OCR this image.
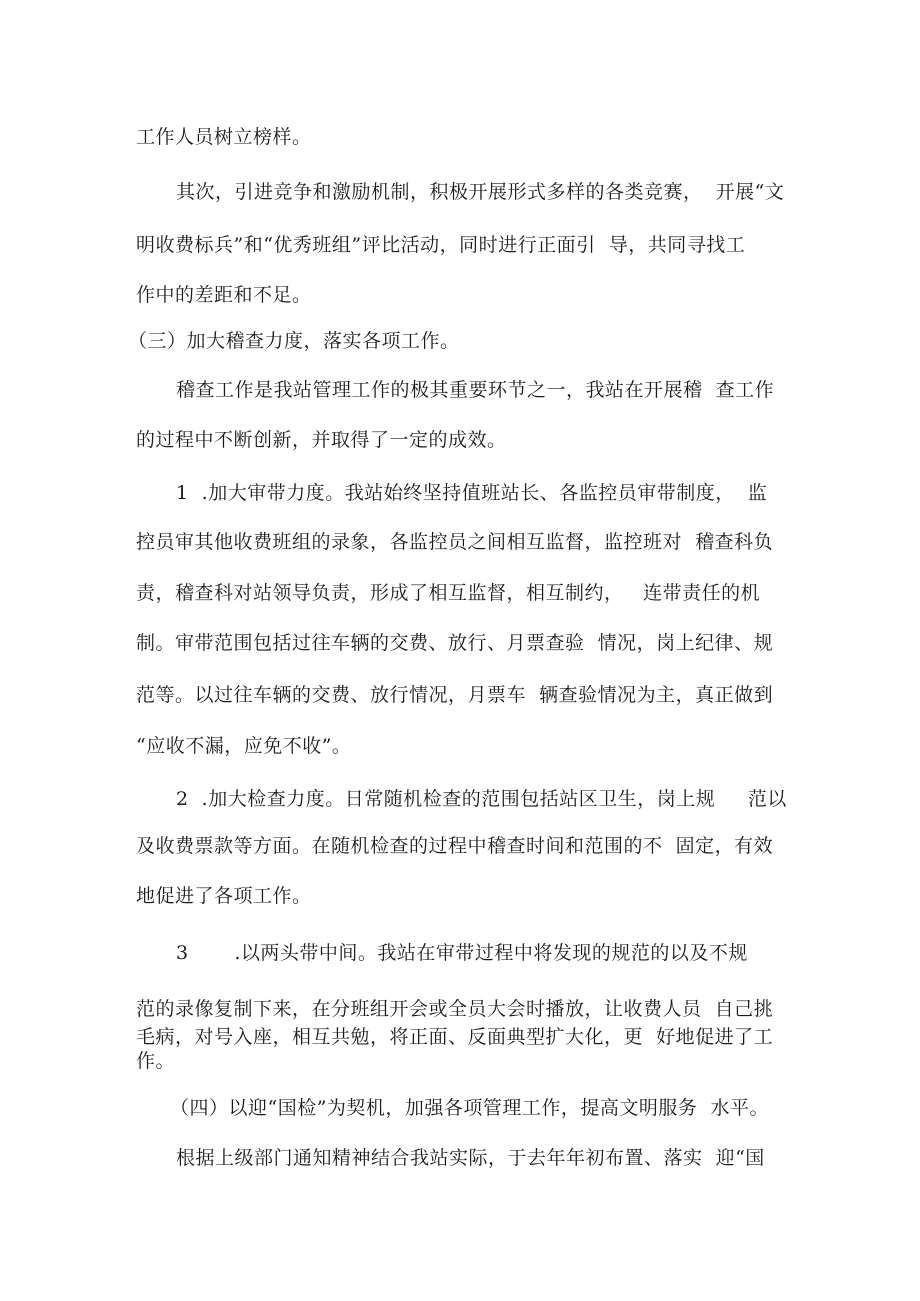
工作人员树立榜样。

其次，引进竞争和激励机制，积极开展形式多样的各类竞赛，  开展“文

明收费标兵”和“优秀班组”评比活动，同时进行正面引  导，共同寻找工

作中的差距和不足。

（三）加大稽查力度，落实各项工作。

稽查工作是我站管理工作的极其重要环节之一，我站在开展稽  查工作

的过程中不断创新，并取得了一定的成效。

1  .加大审带力度。我站始终坚持值班站长、各监控员审带制度，  监

控员审其他收费班组的录象，各监控员之间相互监督，监控班对  稽查科负

责，稽查科对站领导负责，形成了相互监督，相互制约，   连带责任的机

制。审带范围包括过往车辆的交费、放行、月票查验  情况，岗上纪律、规

范等。以过往车辆的交费、放行情况，月票车  辆查验情况为主，真正做到

“应收不漏，应免不收”。

2  .加大检查力度。日常随机检查的范围包括站区卫生，岗上规     范以

及收费票款等方面。在随机检查的过程中稽查时间和范围的不  固定，有效

地促进了各项工作。

3       .以两头带中间。我站在审带过程中将发现的规范的以及不规

范的录像复制下来，在分班组开会或全员大会时播放，让收费人员  自己挑

毛病，对号入座，相互共勉，将正面、反面典型扩大化，更  好地促进了工

作。

（四）以迎“国检”为契机，加强各项管理工作，提高文明服务  水平。

根据上级部门通知精神结合我站实际，于去年年初布置、落实  迎“国
